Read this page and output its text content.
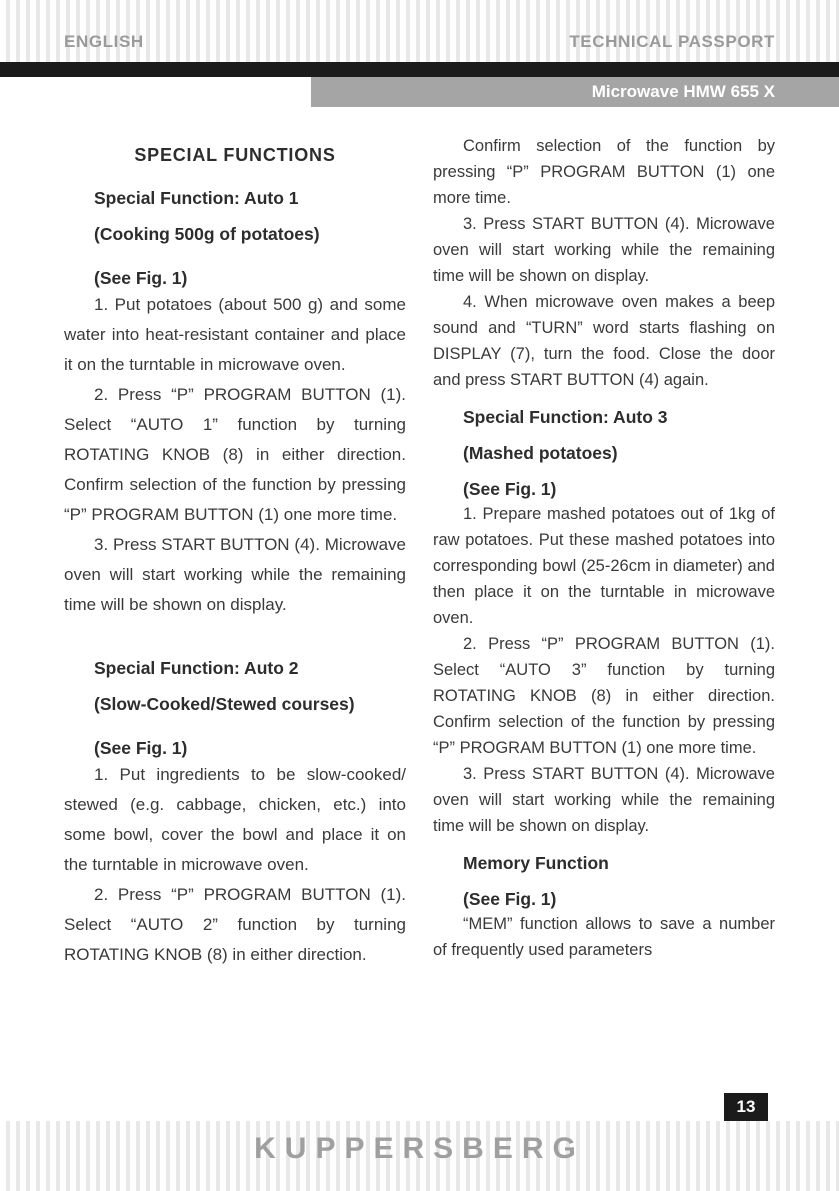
ENGLISH	TECHNICAL PASSPORT
Microwave HMW 655 X
SPECIAL FUNCTIONS
Special Function: Auto 1
(Cooking 500g of potatoes)
(See Fig. 1)

1. Put potatoes (about 500 g) and some water into heat-resistant container and place it on the turntable in microwave oven.

2. Press “P” PROGRAM BUTTON (1). Select “AUTO 1” function by turning ROTATING KNOB (8) in either direction. Confirm selection of the function by pressing “P” PROGRAM BUTTON (1) one more time.

3. Press START BUTTON (4). Microwave oven will start working while the remaining time will be shown on display.

Special Function: Auto 2
(Slow-Cooked/Stewed courses)
(See Fig. 1)

1. Put ingredients to be slow-cooked/ stewed (e.g. cabbage, chicken, etc.) into some bowl, cover the bowl and place it on the turntable in microwave oven.

2. Press “P” PROGRAM BUTTON (1). Select “AUTO 2” function by turning ROTATING KNOB (8) in either direction.

Confirm selection of the function by pressing “P” PROGRAM BUTTON (1) one more time.

3. Press START BUTTON (4). Microwave oven will start working while the remaining time will be shown on display.

4. When microwave oven makes a beep sound and “TURN” word starts flashing on DISPLAY (7), turn the food. Close the door and press START BUTTON (4) again.

Special Function: Auto 3
(Mashed potatoes)
(See Fig. 1)

1. Prepare mashed potatoes out of 1kg of raw potatoes. Put these mashed potatoes into corresponding bowl (25-26cm in diameter) and then place it on the turntable in microwave oven.

2. Press “P” PROGRAM BUTTON (1). Select “AUTO 3” function by turning ROTATING KNOB (8) in either direction. Confirm selection of the function by pressing “P” PROGRAM BUTTON (1) one more time.

3. Press START BUTTON (4). Microwave oven will start working while the remaining time will be shown on display.

Memory Function
(See Fig. 1)

“MEM” function allows to save a number of frequently used parameters

13
KUPPERSBERG
